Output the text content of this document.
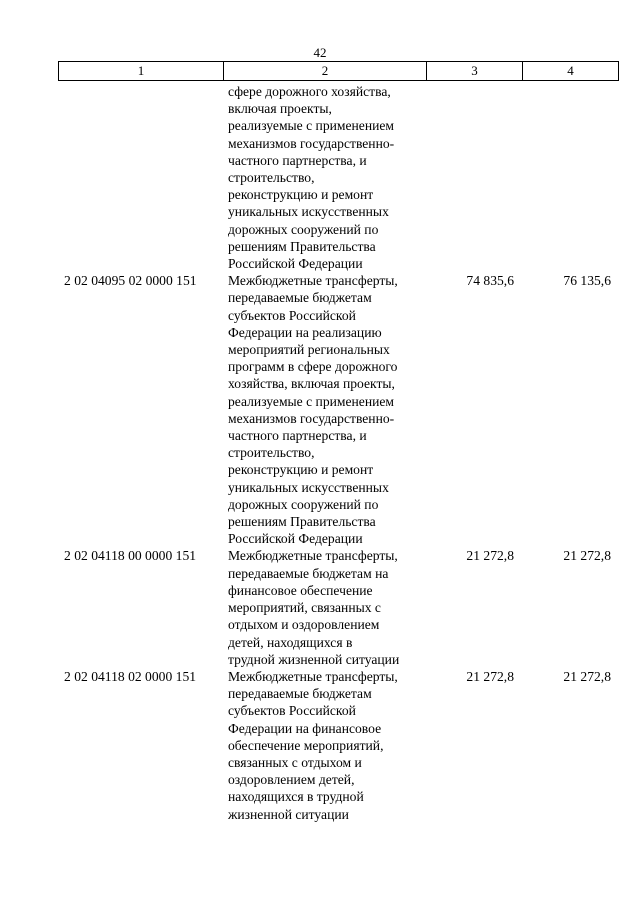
42
1	2	3	4
сфере дорожного хозяйства,
включая проекты,
реализуемые с применением
механизмов государственно-
частного партнерства, и
строительство,
реконструкцию и ремонт
уникальных искусственных
дорожных сооружений по
решениям Правительства
Российской Федерации
2 02 04095 02 0000 151	Межбюджетные трансферты,
передаваемые бюджетам
субъектов Российской
Федерации на реализацию
мероприятий региональных
программ в сфере дорожного
хозяйства, включая проекты,
реализуемые с применением
механизмов государственно-
частного партнерства, и
строительство,
реконструкцию и ремонт
уникальных искусственных
дорожных сооружений по
решениям Правительства
Российской Федерации
74 835,6	76 135,6
2 02 04118 00 0000 151	Межбюджетные трансферты,
передаваемые бюджетам на
финансовое обеспечение
мероприятий, связанных с
отдыхом и оздоровлением
детей, находящихся в
трудной жизненной ситуации
21 272,8	21 272,8
2 02 04118 02 0000 151	Межбюджетные трансферты,
передаваемые бюджетам
субъектов Российской
Федерации на финансовое
обеспечение мероприятий,
связанных с отдыхом и
оздоровлением детей,
находящихся в трудной
жизненной ситуации
21 272,8	21 272,8
